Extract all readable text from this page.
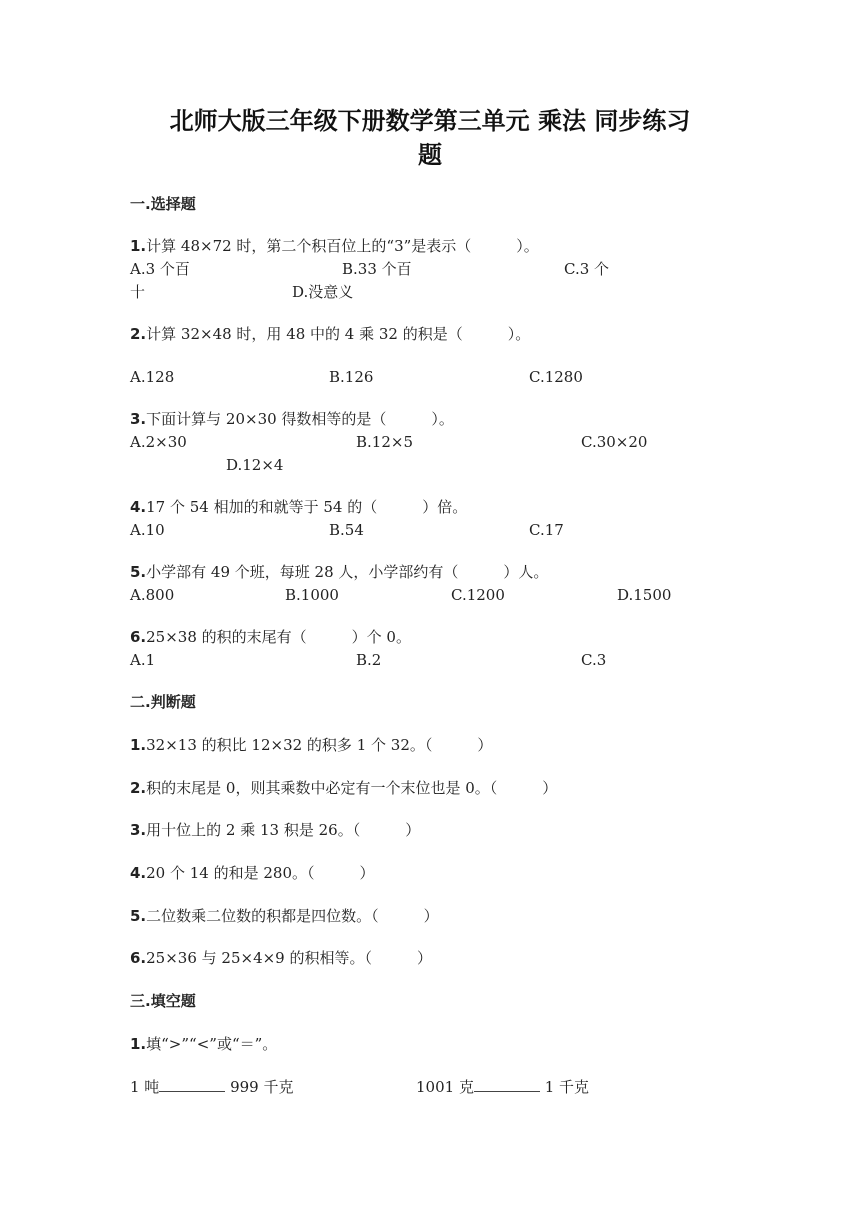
北师大版三年级下册数学第三单元 乘法 同步练习
题
一.选择题
1.计算 48×72 时，第二个积百位上的“3”是表示（　　　）。
A.3 个百	B.33 个百	C.3 个
十	D.没意义
2.计算 32×48 时，用 48 中的 4 乘 32 的积是（　　　）。
A.128	B.126	C.1280
3.下面计算与 20×30 得数相等的是（　　　）。
A.2×30	B.12×5	C.30×20
D.12×4
4.17 个 54 相加的和就等于 54 的（　　　）倍。
A.10	B.54	C.17
5.小学部有 49 个班，每班 28 人，小学部约有（　　　）人。
A.800	B.1000	C.1200	D.1500
6.25×38 的积的末尾有（　　　）个 0。
A.1	B.2	C.3
二.判断题
1.32×13 的积比 12×32 的积多 1 个 32。（　　　）
2.积的末尾是 0，则其乘数中必定有一个末位也是 0。（　　　）
3.用十位上的 2 乘 13 积是 26。（　　　）
4.20 个 14 的和是 280。（　　　）
5.二位数乘二位数的积都是四位数。（　　　）
6.25×36 与 25×4×9 的积相等。（　　　）
三.填空题
1.填“>”“<”或“＝”。
1 吨	999 千克	1001 克	1 千克
